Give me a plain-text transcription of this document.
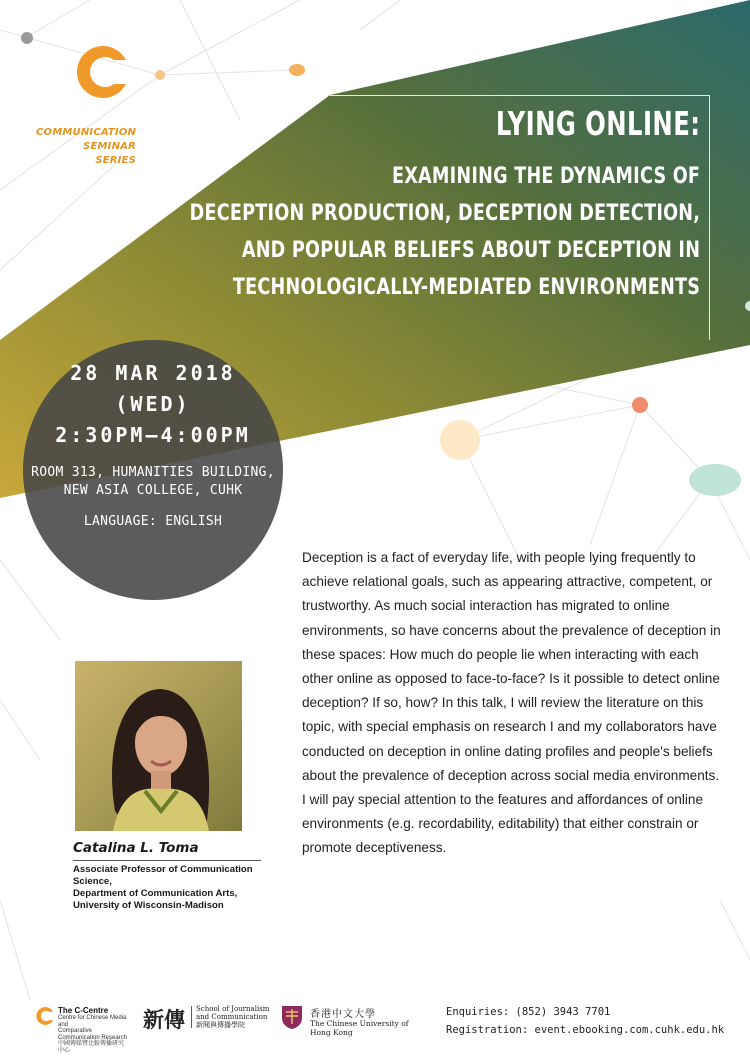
COMMUNICATION
SEMINAR
SERIES
LYING ONLINE:
EXAMINING THE DYNAMICS OF
DECEPTION PRODUCTION, DECEPTION DETECTION,
AND POPULAR BELIEFS ABOUT DECEPTION IN
TECHNOLOGICALLY-MEDIATED ENVIRONMENTS
28 MAR 2018
(WED)
2:30PM–4:00PM
ROOM 313, HUMANITIES BUILDING,
NEW ASIA COLLEGE, CUHK
LANGUAGE: ENGLISH
Deception is a fact of everyday life, with people lying frequently to achieve relational goals, such as appearing attractive, competent, or trustworthy. As much social interaction has migrated to online environments, so have concerns about the prevalence of deception in these spaces: How much do people lie when interacting with each other online as opposed to face-to-face? Is it possible to detect online deception? If so, how? In this talk, I will review the literature on this topic, with special emphasis on research I and my collaborators have conducted on deception in online dating profiles and people's beliefs about the prevalence of deception across social media environments. I will pay special attention to the features and affordances of online environments (e.g. recordability, editability) that either constrain or promote deceptiveness.
Catalina L. Toma
Associate Professor of Communication Science,
Department of Communication Arts,
University of Wisconsin-Madison
The C-Centre
Centre for Chinese Media and
Comparative Communication Research
中國傳媒暨比較傳播研究中心
新傳 School of Journalism
and Communication
新聞與傳播學院
香港中文大學
The Chinese University of Hong Kong
Enquiries: (852) 3943 7701
Registration: event.ebooking.com.cuhk.edu.hk
